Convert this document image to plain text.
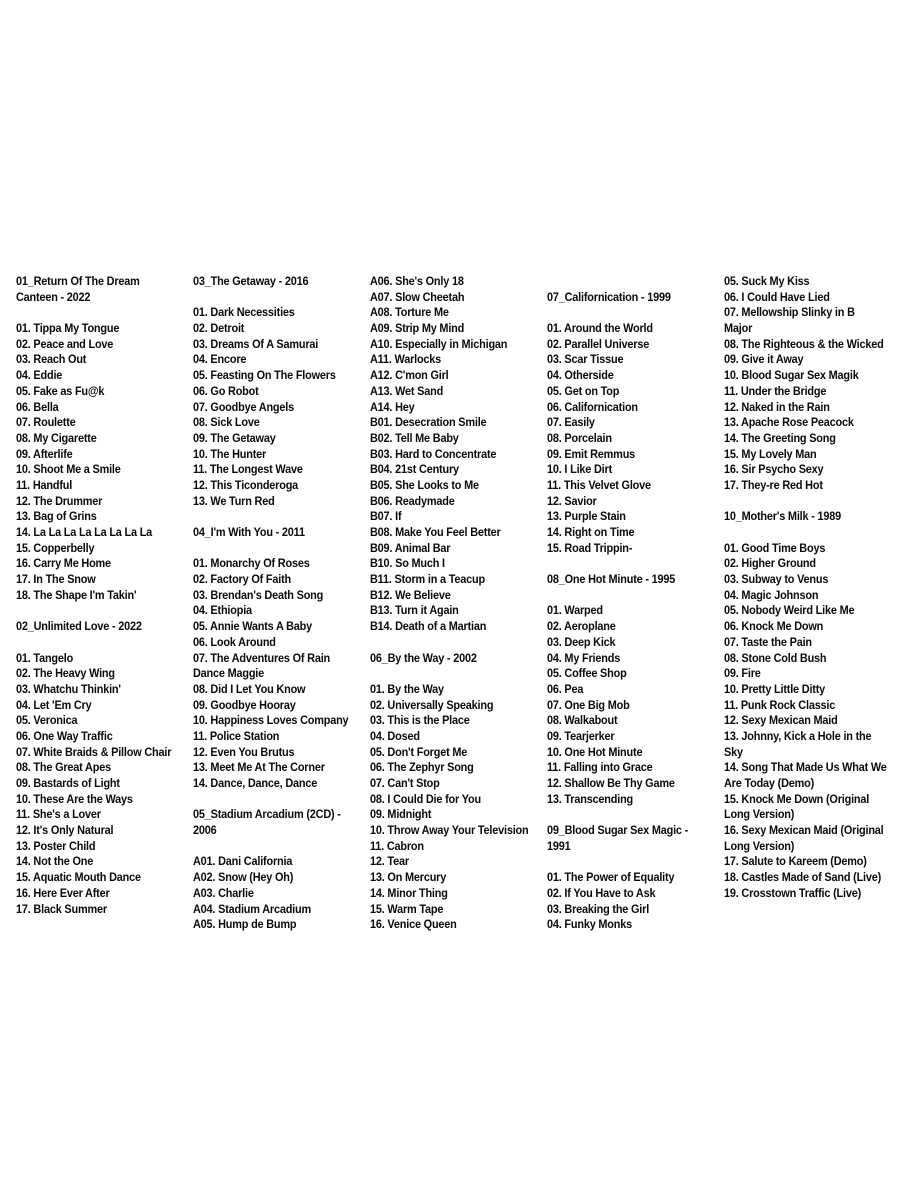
01_Return Of The Dream
Canteen - 2022
01. Tippa My Tongue
02. Peace and Love
03. Reach Out
04. Eddie
05. Fake as Fu@k
06. Bella
07. Roulette
08. My Cigarette
09. Afterlife
10. Shoot Me a Smile
11. Handful
12. The Drummer
13. Bag of Grins
14. La La La La La La La La
15. Copperbelly
16. Carry Me Home
17. In The Snow
18. The Shape I'm Takin'
02_Unlimited Love - 2022
01. Tangelo
02. The Heavy Wing
03. Whatchu Thinkin'
04. Let 'Em Cry
05. Veronica
06. One Way Traffic
07. White Braids & Pillow Chair
08. The Great Apes
09. Bastards of Light
10. These Are the Ways
11. She's a Lover
12. It's Only Natural
13. Poster Child
14. Not the One
15. Aquatic Mouth Dance
16. Here Ever After
17. Black Summer
03_The Getaway - 2016
01. Dark Necessities
02. Detroit
03. Dreams Of A Samurai
04. Encore
05. Feasting On The Flowers
06. Go Robot
07. Goodbye Angels
08. Sick Love
09. The Getaway
10. The Hunter
11. The Longest Wave
12. This Ticonderoga
13. We Turn Red
04_I'm With You - 2011
01. Monarchy Of Roses
02. Factory Of Faith
03. Brendan's Death Song
04. Ethiopia
05. Annie Wants A Baby
06. Look Around
07. The Adventures Of Rain
Dance Maggie
08. Did I Let You Know
09. Goodbye Hooray
10. Happiness Loves Company
11. Police Station
12. Even You Brutus
13. Meet Me At The Corner
14. Dance, Dance, Dance
05_Stadium Arcadium (2CD) -
2006
A01. Dani California
A02. Snow (Hey Oh)
A03. Charlie
A04. Stadium Arcadium
A05. Hump de Bump
A06. She's Only 18
A07. Slow Cheetah
A08. Torture Me
A09. Strip My Mind
A10. Especially in Michigan
A11. Warlocks
A12. C'mon Girl
A13. Wet Sand
A14. Hey
B01. Desecration Smile
B02. Tell Me Baby
B03. Hard to Concentrate
B04. 21st Century
B05. She Looks to Me
B06. Readymade
B07. If
B08. Make You Feel Better
B09. Animal Bar
B10. So Much I
B11. Storm in a Teacup
B12. We Believe
B13. Turn it Again
B14. Death of a Martian
06_By the Way - 2002
01. By the Way
02. Universally Speaking
03. This is the Place
04. Dosed
05. Don't Forget Me
06. The Zephyr Song
07. Can't Stop
08. I Could Die for You
09. Midnight
10. Throw Away Your Television
11. Cabron
12. Tear
13. On Mercury
14. Minor Thing
15. Warm Tape
16. Venice Queen
07_Californication - 1999
01. Around the World
02. Parallel Universe
03. Scar Tissue
04. Otherside
05. Get on Top
06. Californication
07. Easily
08. Porcelain
09. Emit Remmus
10. I Like Dirt
11. This Velvet Glove
12. Savior
13. Purple Stain
14. Right on Time
15. Road Trippin-
08_One Hot Minute - 1995
01. Warped
02. Aeroplane
03. Deep Kick
04. My Friends
05. Coffee Shop
06. Pea
07. One Big Mob
08. Walkabout
09. Tearjerker
10. One Hot Minute
11. Falling into Grace
12. Shallow Be Thy Game
13. Transcending
09_Blood Sugar Sex Magic -
1991
01. The Power of Equality
02. If You Have to Ask
03. Breaking the Girl
04. Funky Monks
05. Suck My Kiss
06. I Could Have Lied
07. Mellowship Slinky in B
Major
08. The Righteous & the Wicked
09. Give it Away
10. Blood Sugar Sex Magik
11. Under the Bridge
12. Naked in the Rain
13. Apache Rose Peacock
14. The Greeting Song
15. My Lovely Man
16. Sir Psycho Sexy
17. They-re Red Hot
10_Mother's Milk - 1989
01. Good Time Boys
02. Higher Ground
03. Subway to Venus
04. Magic Johnson
05. Nobody Weird Like Me
06. Knock Me Down
07. Taste the Pain
08. Stone Cold Bush
09. Fire
10. Pretty Little Ditty
11. Punk Rock Classic
12. Sexy Mexican Maid
13. Johnny, Kick a Hole in the
Sky
14. Song That Made Us What We
Are Today (Demo)
15. Knock Me Down (Original
Long Version)
16. Sexy Mexican Maid (Original
Long Version)
17. Salute to Kareem (Demo)
18. Castles Made of Sand (Live)
19. Crosstown Traffic (Live)
